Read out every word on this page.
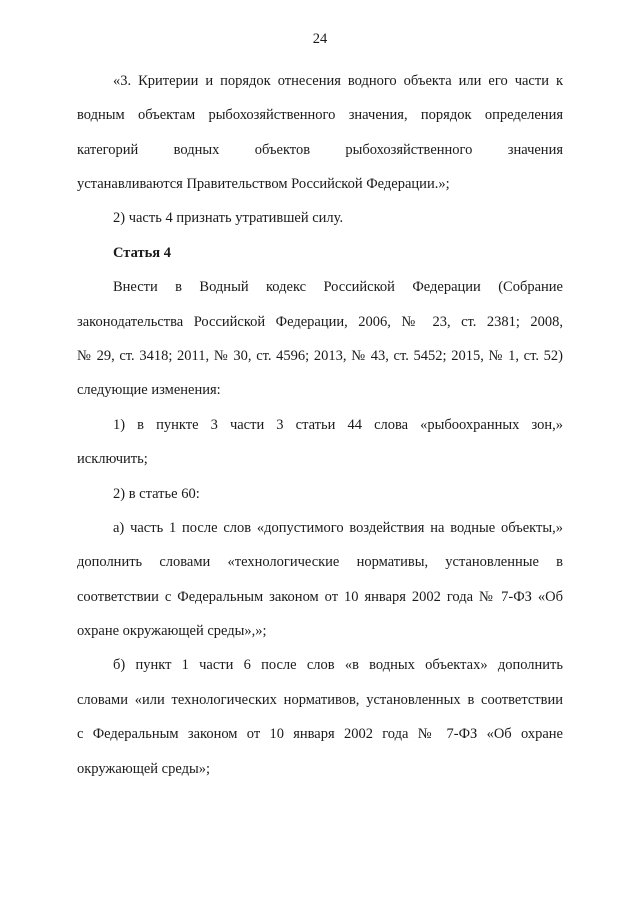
24
«3. Критерии и порядок отнесения водного объекта или его части к
водным объектам рыбохозяйственного значения, порядок определения
категорий водных объектов рыбохозяйственного значения
устанавливаются Правительством Российской Федерации.»;
2) часть 4 признать утратившей силу.
Статья 4
Внести в Водный кодекс Российской Федерации (Собрание
законодательства Российской Федерации, 2006, № 23, ст. 2381; 2008,
№ 29, ст. 3418; 2011, № 30, ст. 4596; 2013, № 43, ст. 5452; 2015, № 1, ст. 52)
следующие изменения:
1) в пункте 3 части 3 статьи 44 слова «рыбоохранных зон,»
исключить;
2) в статье 60:
а) часть 1 после слов «допустимого воздействия на водные объекты,»
дополнить словами «технологические нормативы, установленные в
соответствии с Федеральным законом от 10 января 2002 года № 7-ФЗ «Об
охране окружающей среды»,»;
б) пункт 1 части 6 после слов «в водных объектах» дополнить
словами «или технологических нормативов, установленных в соответствии
с Федеральным законом от 10 января 2002 года № 7-ФЗ «Об охране
окружающей среды»;
